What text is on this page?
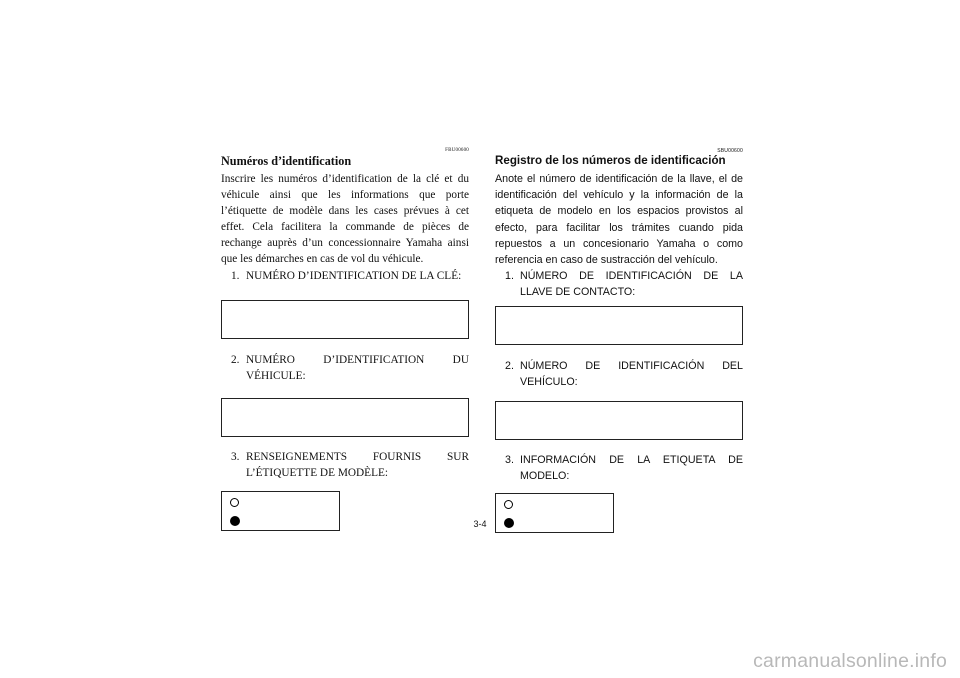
FBU00600
Numéros d’identification

Inscrire les numéros d’identification de la clé et du véhicule ainsi que les informations que porte l’étiquette de modèle dans les cases prévues à cet effet. Cela facilitera la commande de pièces de rechange auprès d’un concessionnaire Yamaha ainsi que les démarches en cas de vol du véhicule.

1. NUMÉRO D’IDENTIFICATION DE LA CLÉ:
2. NUMÉRO D’IDENTIFICATION DU VÉHICULE:
3. RENSEIGNEMENTS FOURNIS SUR L’ÉTIQUETTE DE MODÈLE:
SBU00600
Registro de los números de identificación

Anote el número de identificación de la llave, el de identificación del vehículo y la información de la etiqueta de modelo en los espacios provistos al efecto, para facilitar los trámites cuando pida repuestos a un concesionario Yamaha o como referencia en caso de sustracción del vehículo.

1. NÚMERO DE IDENTIFICACIÓN DE LA LLAVE DE CONTACTO:
2. NÚMERO DE IDENTIFICACIÓN DEL VEHÍCULO:
3. INFORMACIÓN DE LA ETIQUETA DE MODELO:
3-4
carmanualsonline.info
